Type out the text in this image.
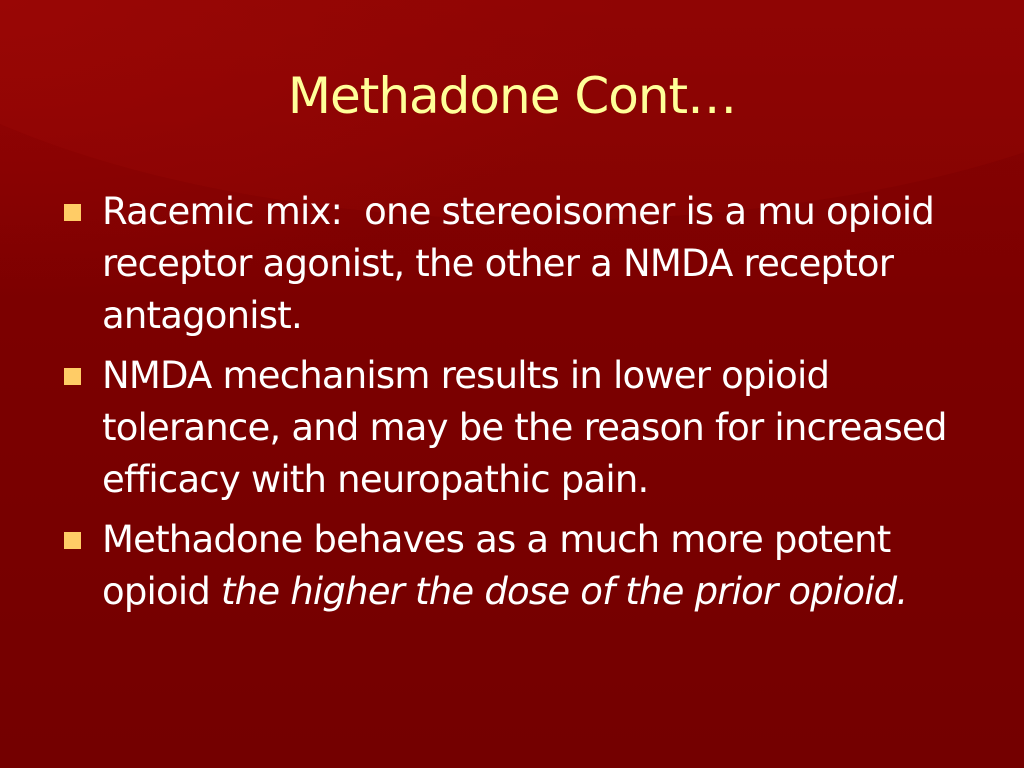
Methadone Cont…
Racemic mix:  one stereoisomer is a mu opioid receptor agonist, the other a NMDA receptor antagonist.
NMDA mechanism results in lower opioid tolerance, and may be the reason for increased efficacy with neuropathic pain.
Methadone behaves as a much more potent opioid the higher the dose of the prior opioid.
